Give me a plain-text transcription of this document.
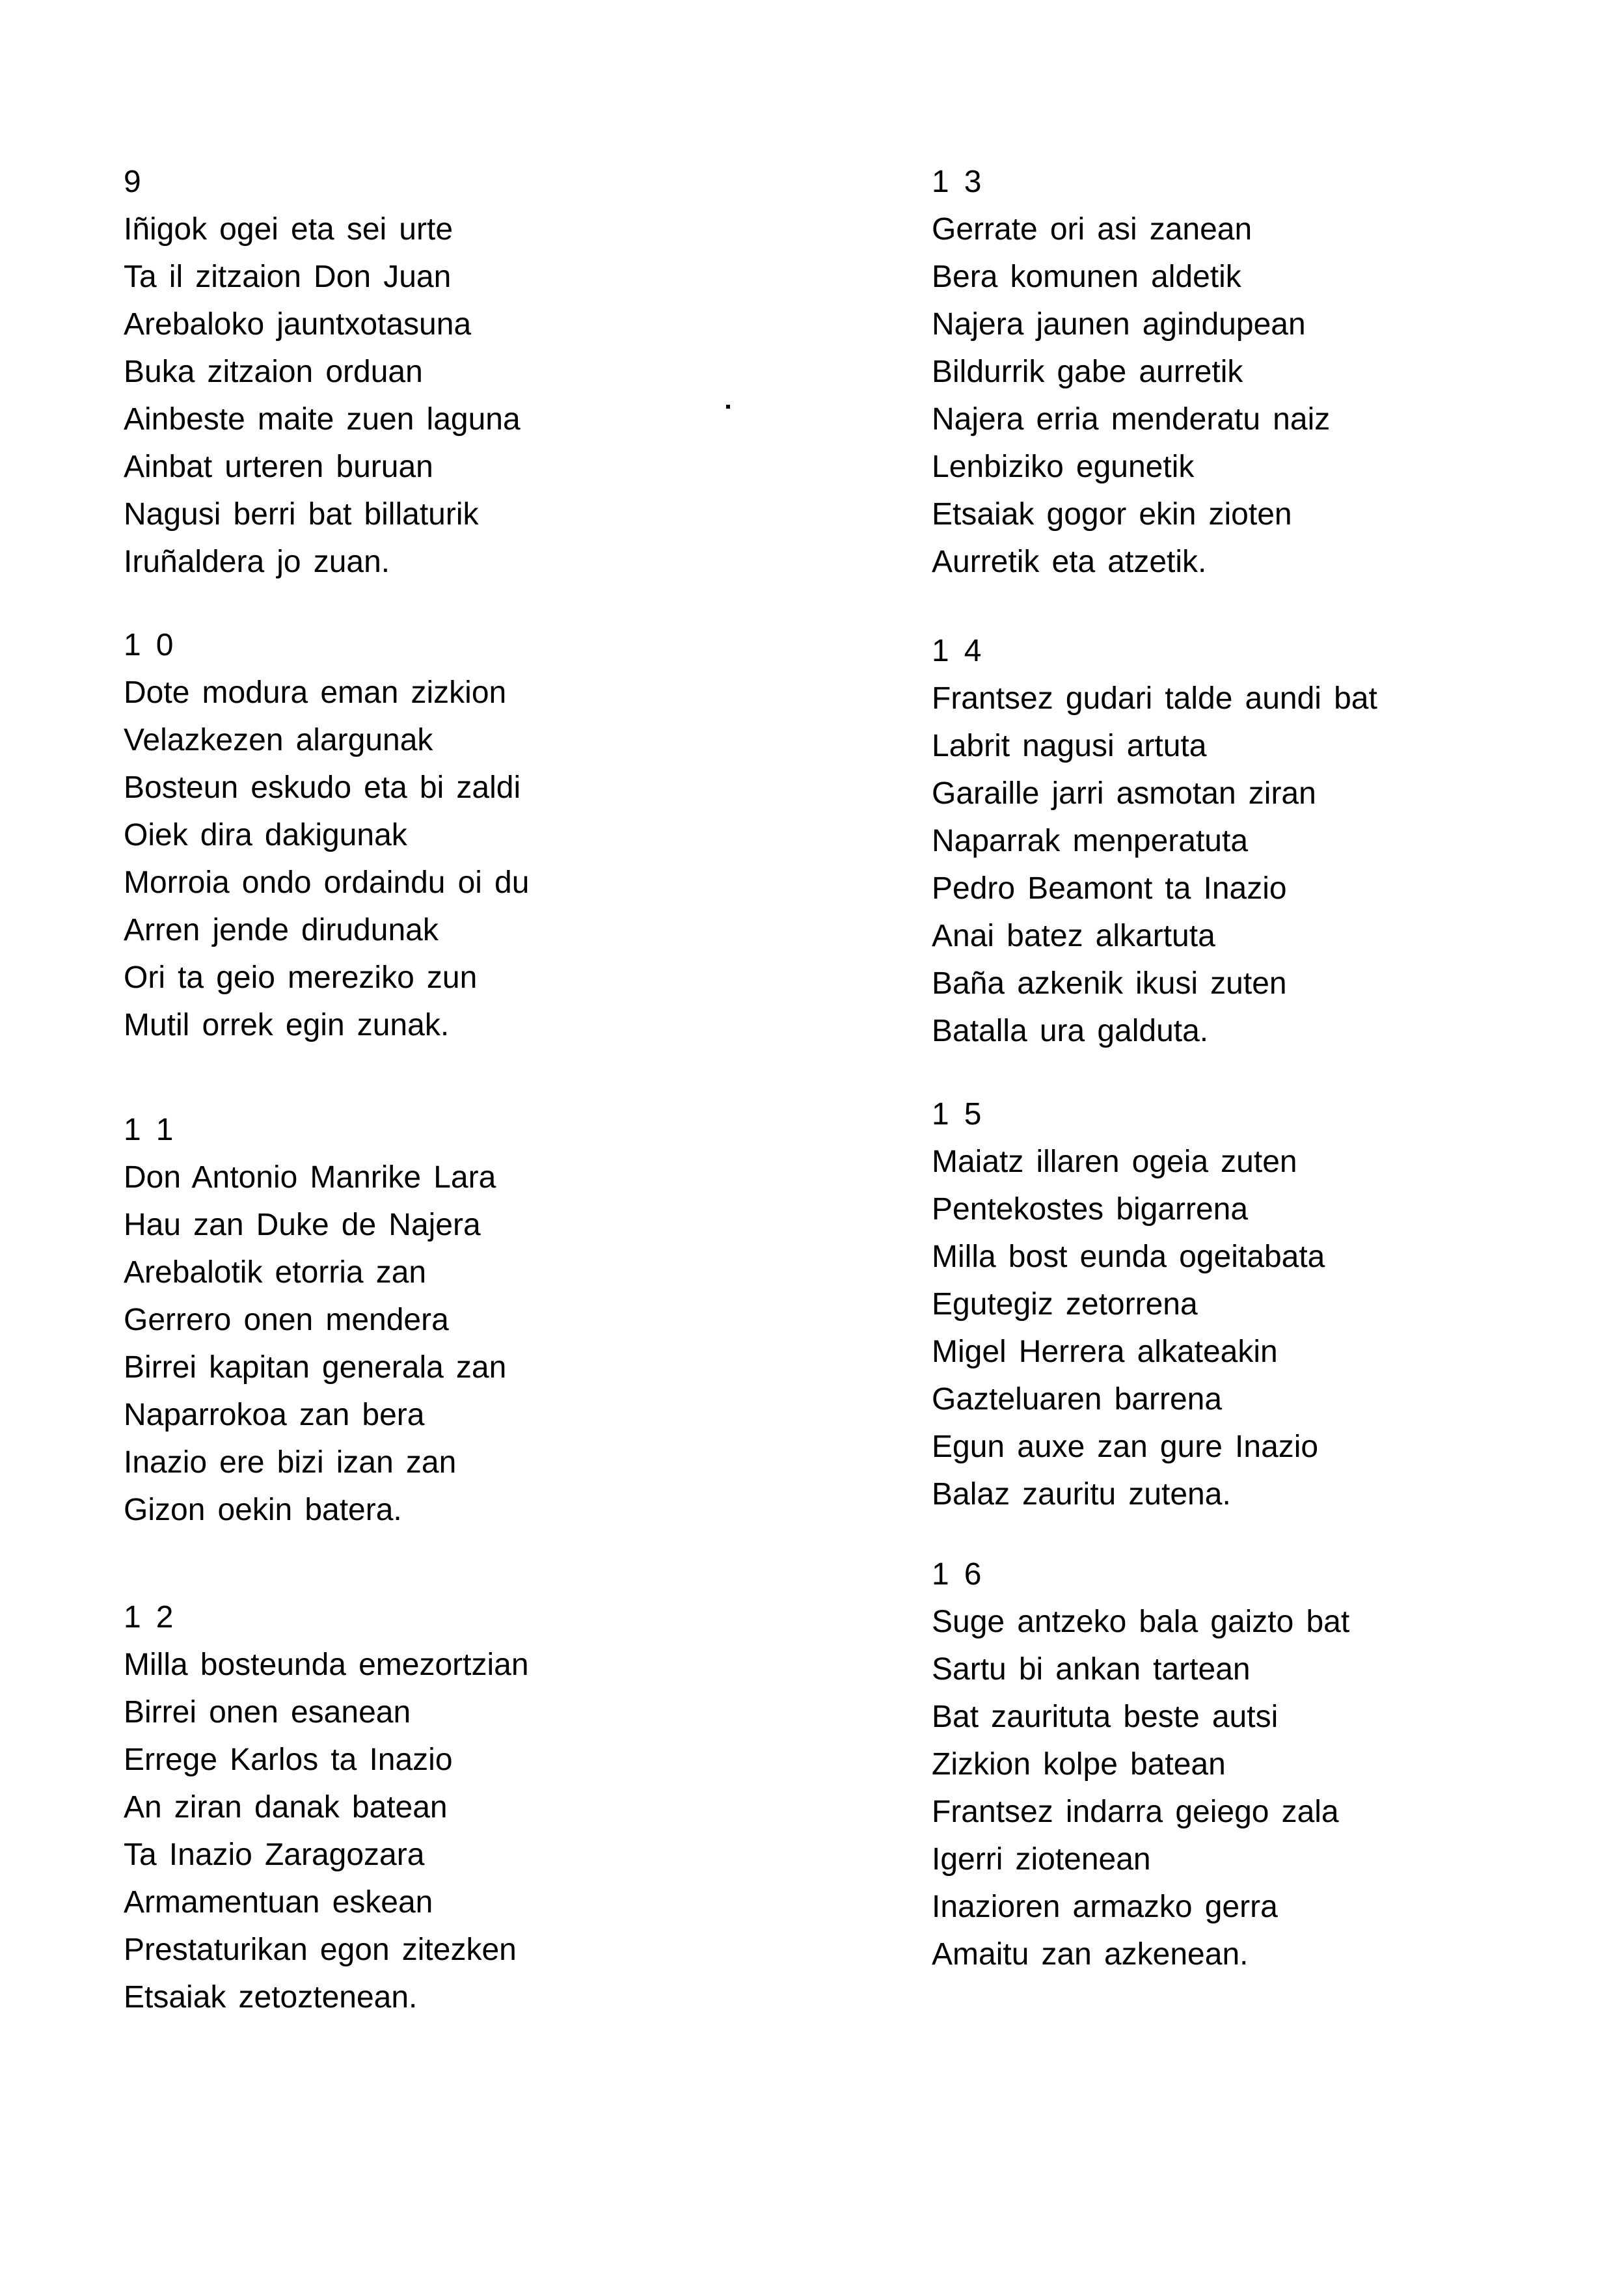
9
Iñigok ogei eta sei urte
Ta il zitzaion Don Juan
Arebaloko jauntxotasuna
Buka zitzaion orduan
Ainbeste maite zuen laguna
Ainbat urteren buruan
Nagusi berri bat billaturik
Iruñaldera jo zuan.
1 0
Dote modura eman zizkion
Velazkezen alargunak
Bosteun eskudo eta bi zaldi
Oiek dira dakigunak
Morroia ondo ordaindu oi du
Arren jende dirudunak
Ori ta geio mereziko zun
Mutil orrek egin zunak.
1 1
Don Antonio Manrike Lara
Hau zan Duke de Najera
Arebalotik etorria zan
Gerrero onen mendera
Birrei kapitan generala zan
Naparrokoa zan bera
Inazio ere bizi izan zan
Gizon oekin batera.
1 2
Milla bosteunda emezortzian
Birrei onen esanean
Errege Karlos ta Inazio
An ziran danak batean
Ta Inazio Zaragozara
Armamentuan eskean
Prestaturikan egon zitezken
Etsaiak zetoztenean.
1 3
Gerrate ori asi zanean
Bera komunen aldetik
Najera jaunen agindupean
Bildurrik gabe aurretik
Najera erria menderatu naiz
Lenbiziko egunetik
Etsaiak gogor ekin zioten
Aurretik eta atzetik.
1 4
Frantsez gudari talde aundi bat
Labrit nagusi artuta
Garaille jarri asmotan ziran
Naparrak menperatuta
Pedro Beamont ta Inazio
Anai batez alkartuta
Baña azkenik ikusi zuten
Batalla ura galduta.
1 5
Maiatz illaren ogeia zuten
Pentekostes bigarrena
Milla bost eunda ogeitabata
Egutegiz zetorrena
Migel Herrera alkateakin
Gazteluaren barrena
Egun auxe zan gure Inazio
Balaz zauritu zutena.
1 6
Suge antzeko bala gaizto bat
Sartu bi ankan tartean
Bat zaurituta beste autsi
Zizkion kolpe batean
Frantsez indarra geiego zala
Igerri ziotenean
Inazioren armazko gerra
Amaitu zan azkenean.
